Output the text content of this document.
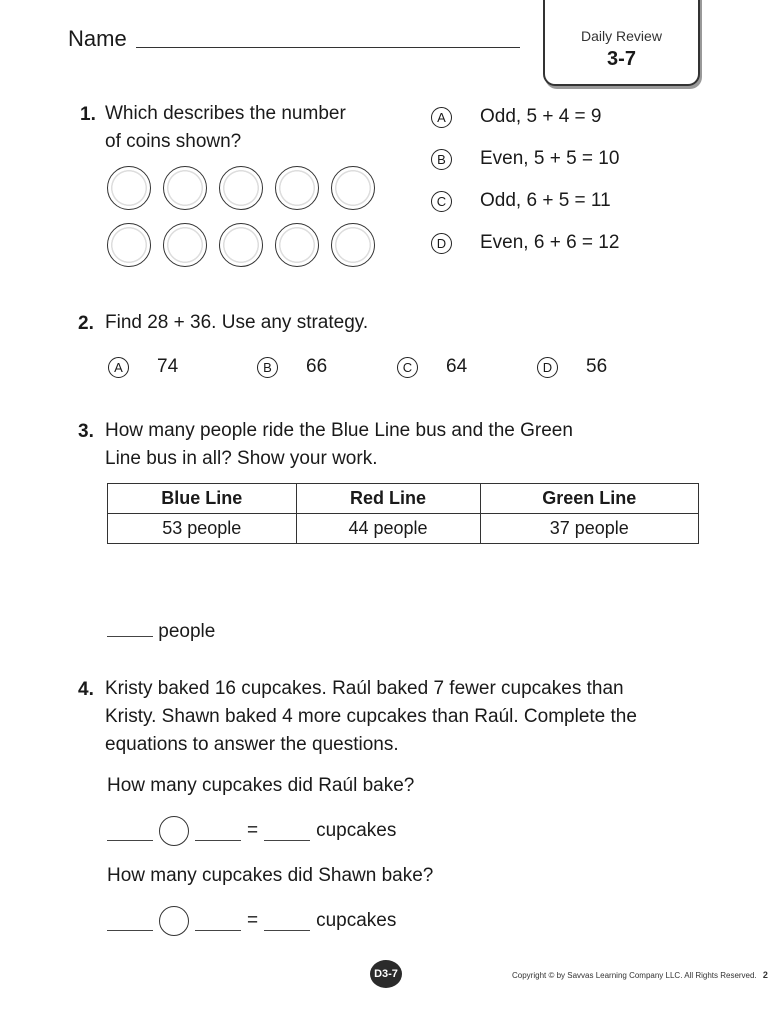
Name	Daily Review
3-7
1. Which describes the number
of coins shown?
A	Odd, 5 + 4 = 9
B	Even, 5 + 5 = 10
C	Odd, 6 + 5 = 11
D	Even, 6 + 6 = 12
2. Find 28 + 36. Use any strategy.
A	74	B	66	C	64	D	56
3. How many people ride the Blue Line bus and the Green
Line bus in all? Show your work.
Blue Line	Red Line	Green Line
53 people	44 people	37 people
people
4. Kristy baked 16 cupcakes. Raúl baked 7 fewer cupcakes than
Kristy. Shawn baked 4 more cupcakes than Raúl. Complete the
equations to answer the questions.
How many cupcakes did Raúl bake?
=	cupcakes
How many cupcakes did Shawn bake?
=	cupcakes
D3-7	Copyright © by Savvas Learning Company LLC. All Rights Reserved. 2
